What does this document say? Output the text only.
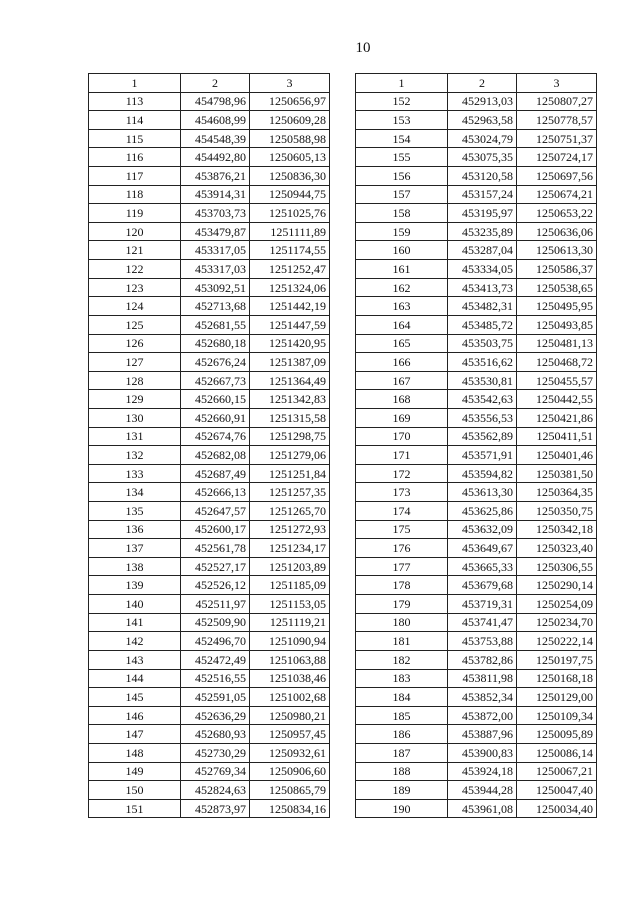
10
1	2	3
113	454798,96	1250656,97
114	454608,99	1250609,28
115	454548,39	1250588,98
116	454492,80	1250605,13
117	453876,21	1250836,30
118	453914,31	1250944,75
119	453703,73	1251025,76
120	453479,87	1251111,89
121	453317,05	1251174,55
122	453317,03	1251252,47
123	453092,51	1251324,06
124	452713,68	1251442,19
125	452681,55	1251447,59
126	452680,18	1251420,95
127	452676,24	1251387,09
128	452667,73	1251364,49
129	452660,15	1251342,83
130	452660,91	1251315,58
131	452674,76	1251298,75
132	452682,08	1251279,06
133	452687,49	1251251,84
134	452666,13	1251257,35
135	452647,57	1251265,70
136	452600,17	1251272,93
137	452561,78	1251234,17
138	452527,17	1251203,89
139	452526,12	1251185,09
140	452511,97	1251153,05
141	452509,90	1251119,21
142	452496,70	1251090,94
143	452472,49	1251063,88
144	452516,55	1251038,46
145	452591,05	1251002,68
146	452636,29	1250980,21
147	452680,93	1250957,45
148	452730,29	1250932,61
149	452769,34	1250906,60
150	452824,63	1250865,79
151	452873,97	1250834,16
1	2	3
152	452913,03	1250807,27
153	452963,58	1250778,57
154	453024,79	1250751,37
155	453075,35	1250724,17
156	453120,58	1250697,56
157	453157,24	1250674,21
158	453195,97	1250653,22
159	453235,89	1250636,06
160	453287,04	1250613,30
161	453334,05	1250586,37
162	453413,73	1250538,65
163	453482,31	1250495,95
164	453485,72	1250493,85
165	453503,75	1250481,13
166	453516,62	1250468,72
167	453530,81	1250455,57
168	453542,63	1250442,55
169	453556,53	1250421,86
170	453562,89	1250411,51
171	453571,91	1250401,46
172	453594,82	1250381,50
173	453613,30	1250364,35
174	453625,86	1250350,75
175	453632,09	1250342,18
176	453649,67	1250323,40
177	453665,33	1250306,55
178	453679,68	1250290,14
179	453719,31	1250254,09
180	453741,47	1250234,70
181	453753,88	1250222,14
182	453782,86	1250197,75
183	453811,98	1250168,18
184	453852,34	1250129,00
185	453872,00	1250109,34
186	453887,96	1250095,89
187	453900,83	1250086,14
188	453924,18	1250067,21
189	453944,28	1250047,40
190	453961,08	1250034,40
